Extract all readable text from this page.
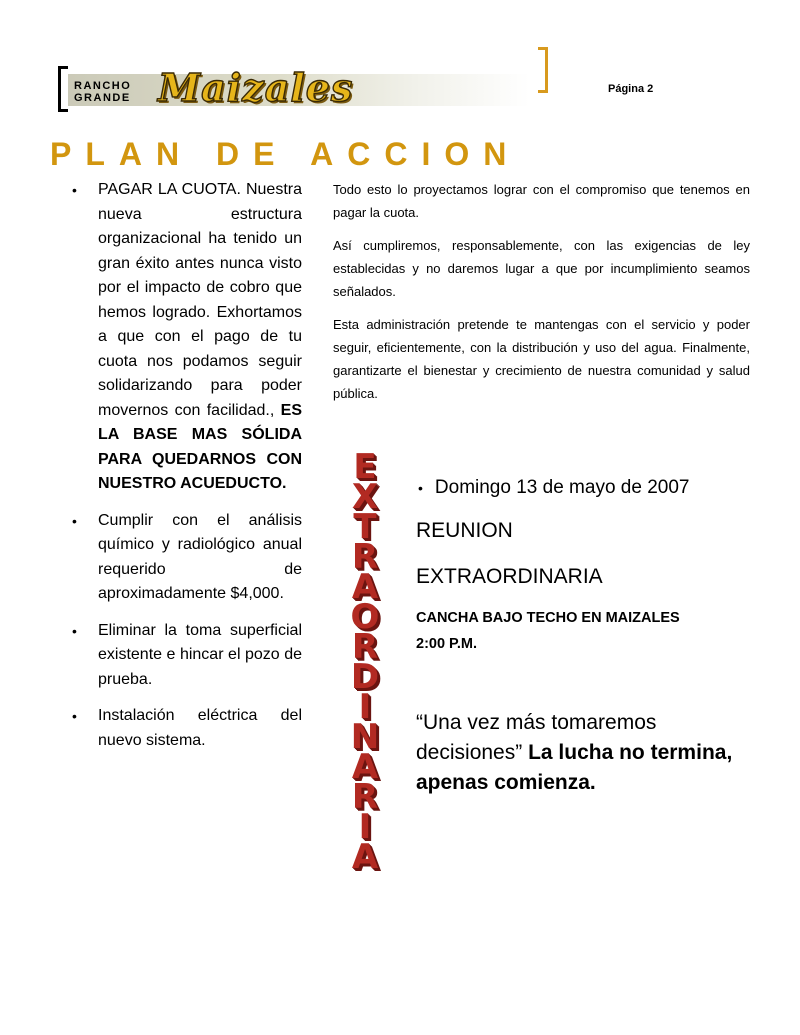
RANCHO
GRANDE Maizales	Página 2
PLAN DE ACCION
• PAGAR LA CUOTA. Nuestra nueva estructura organizacional ha tenido un gran éxito antes nunca visto por el impacto de cobro que hemos logrado. Exhortamos a que con el pago de tu cuota nos podamos seguir solidarizando para poder movernos con facilidad., ES LA BASE MAS SÓLIDA PARA QUEDARNOS CON NUESTRO ACUEDUCTO.
• Cumplir con el análisis químico y radiológico anual requerido de aproximadamente $4,000.
• Eliminar la toma superficial existente e hincar el pozo de prueba.
• Instalación eléctrica del nuevo sistema.

Todo esto lo proyectamos lograr con el compromiso que tenemos en pagar la cuota.

Así cumpliremos, responsablemente, con las exigencias de ley establecidas y no daremos lugar a que por incumplimiento seamos señalados.

Esta administración pretende te mantengas con el servicio y poder seguir, eficientemente, con la distribución y uso del agua. Finalmente, garantizarte el bienestar y crecimiento de nuestra comunidad y salud pública.

E
X
T
R
A
O
R
D
I
N
A
R
I
A
• Domingo 13 de mayo de 2007
REUNION
EXTRAORDINARIA
CANCHA BAJO TECHO EN MAIZALES
2:00 P.M.
“Una vez más tomaremos decisiones” La lucha no termina, apenas comienza.
